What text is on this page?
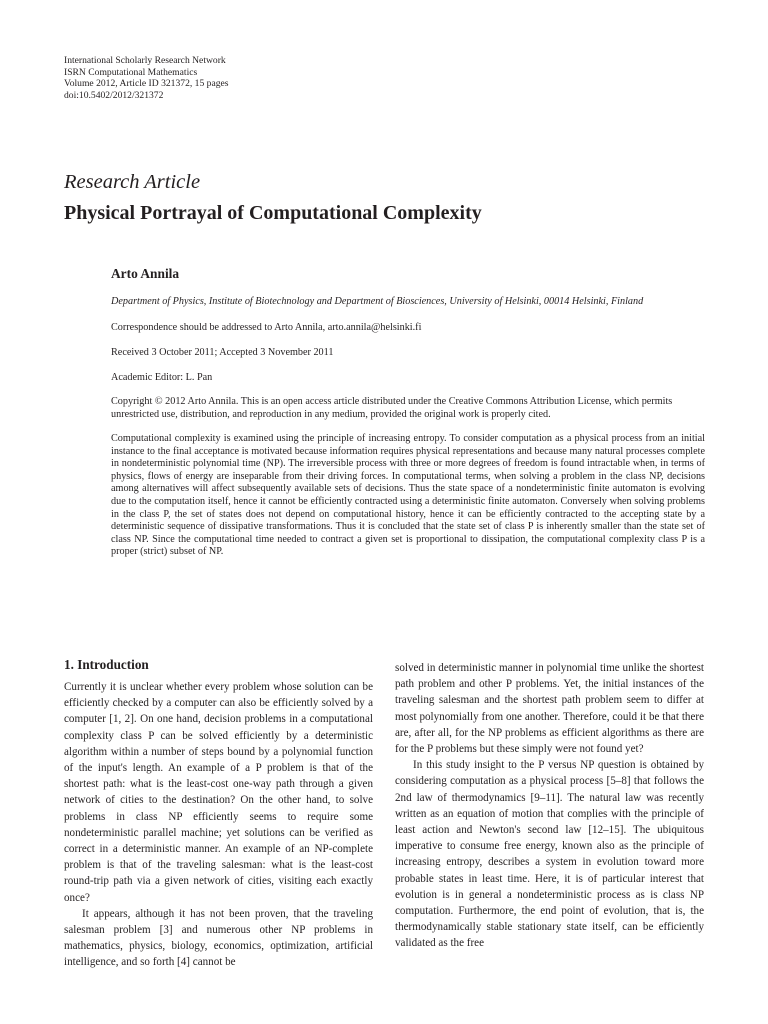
International Scholarly Research Network
ISRN Computational Mathematics
Volume 2012, Article ID 321372, 15 pages
doi:10.5402/2012/321372
Research Article
Physical Portrayal of Computational Complexity
Arto Annila
Department of Physics, Institute of Biotechnology and Department of Biosciences, University of Helsinki, 00014 Helsinki, Finland
Correspondence should be addressed to Arto Annila, arto.annila@helsinki.fi
Received 3 October 2011; Accepted 3 November 2011
Academic Editor: L. Pan
Copyright © 2012 Arto Annila. This is an open access article distributed under the Creative Commons Attribution License, which permits unrestricted use, distribution, and reproduction in any medium, provided the original work is properly cited.
Computational complexity is examined using the principle of increasing entropy. To consider computation as a physical process from an initial instance to the final acceptance is motivated because information requires physical representations and because many natural processes complete in nondeterministic polynomial time (NP). The irreversible process with three or more degrees of freedom is found intractable when, in terms of physics, flows of energy are inseparable from their driving forces. In computational terms, when solving a problem in the class NP, decisions among alternatives will affect subsequently available sets of decisions. Thus the state space of a nondeterministic finite automaton is evolving due to the computation itself, hence it cannot be efficiently contracted using a deterministic finite automaton. Conversely when solving problems in the class P, the set of states does not depend on computational history, hence it can be efficiently contracted to the accepting state by a deterministic sequence of dissipative transformations. Thus it is concluded that the state set of class P is inherently smaller than the state set of class NP. Since the computational time needed to contract a given set is proportional to dissipation, the computational complexity class P is a proper (strict) subset of NP.
1. Introduction

Currently it is unclear whether every problem whose solution can be efficiently checked by a computer can also be efficiently solved by a computer [1, 2]. On one hand, decision problems in a computational complexity class P can be solved efficiently by a deterministic algorithm within a number of steps bound by a polynomial function of the input's length. An example of a P problem is that of the shortest path: what is the least-cost one-way path through a given network of cities to the destination? On the other hand, to solve problems in class NP efficiently seems to require some nondeterministic parallel machine; yet solutions can be verified as correct in a deterministic manner. An example of an NP-complete problem is that of the traveling salesman: what is the least-cost round-trip path via a given network of cities, visiting each exactly once?

It appears, although it has not been proven, that the traveling salesman problem [3] and numerous other NP problems in mathematics, physics, biology, economics, optimization, artificial intelligence, and so forth [4] cannot be

solved in deterministic manner in polynomial time unlike the shortest path problem and other P problems. Yet, the initial instances of the traveling salesman and the shortest path problem seem to differ at most polynomially from one another. Therefore, could it be that there are, after all, for the NP problems as efficient algorithms as there are for the P problems but these simply were not found yet?

In this study insight to the P versus NP question is obtained by considering computation as a physical process [5–8] that follows the 2nd law of thermodynamics [9–11]. The natural law was recently written as an equation of motion that complies with the principle of least action and Newton's second law [12–15]. The ubiquitous imperative to consume free energy, known also as the principle of increasing entropy, describes a system in evolution toward more probable states in least time. Here, it is of particular interest that evolution is in general a nondeterministic process as is class NP computation. Furthermore, the end point of evolution, that is, the thermodynamically stable stationary state itself, can be efficiently validated as the free
